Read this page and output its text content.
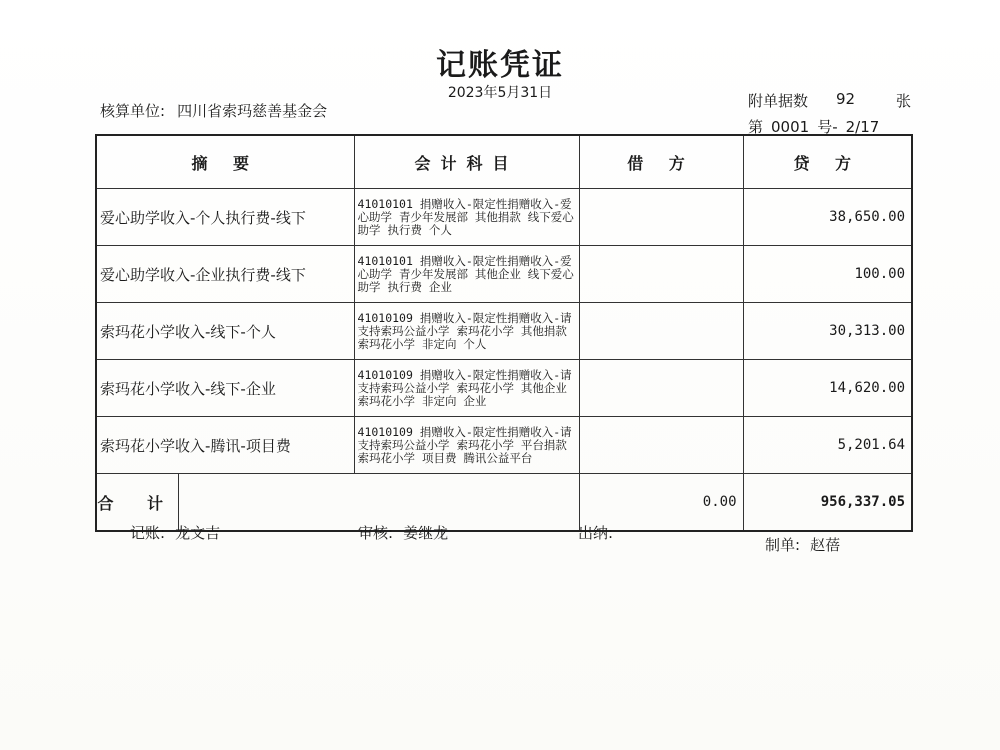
记账凭证
2023年5月31日
核算单位: 四川省索玛慈善基金会
附单据数 92	张
第 0001 号- 2/17
摘 要		会计科目	借 方	贷 方
爱心助学收入-个人执行费-线下		41010101 捐赠收入-限定性捐赠收入-爱心助学 青少年发展部 其他捐款 线下爱心助学 执行费 个人		38,650.00
爱心助学收入-企业执行费-线下		41010101 捐赠收入-限定性捐赠收入-爱心助学 青少年发展部 其他企业 线下爱心助学 执行费 企业		100.00
索玛花小学收入-线下-个人		41010109 捐赠收入-限定性捐赠收入-请支持索玛公益小学 索玛花小学 其他捐款 索玛花小学 非定向 个人		30,313.00
索玛花小学收入-线下-企业		41010109 捐赠收入-限定性捐赠收入-请支持索玛公益小学 索玛花小学 其他企业 索玛花小学 非定向 企业		14,620.00
索玛花小学收入-腾讯-项目费		41010109 捐赠收入-限定性捐赠收入-请支持索玛公益小学 索玛花小学 平台捐款 索玛花小学 项目费 腾讯公益平台		5,201.64
合 计			0.00	956,337.05
记账: 龙文吉	审核: 姜继龙	出纳:
制单: 赵蓓
